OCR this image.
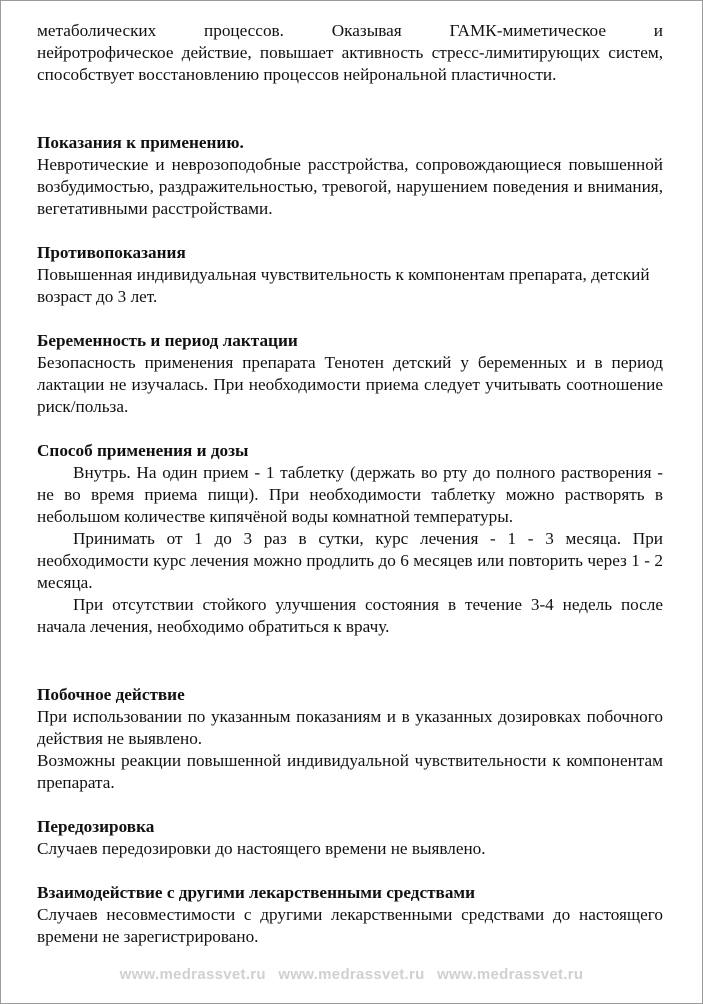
метаболических процессов. Оказывая ГАМК-миметическое и

нейротрофическое действие, повышает активность стресс-лимитирующих систем, способствует восстановлению процессов нейрональной пластичности.

Показания к применению.

Невротические и неврозоподобные расстройства, сопровождающиеся повышенной возбудимостью, раздражительностью, тревогой, нарушением поведения и внимания, вегетативными расстройствами.

Противопоказания

Повышенная индивидуальная чувствительность к компонентам препарата, детский возраст до 3 лет.

Беременность и период лактации

Безопасность применения препарата Тенотен детский у беременных и в период лактации не изучалась. При необходимости приема следует учитывать соотношение риск/польза.

Способ применения и дозы

Внутрь. На один прием - 1 таблетку (держать во рту до полного растворения - не во время приема пищи). При необходимости таблетку можно растворять в небольшом количестве кипячёной воды комнатной температуры.

Принимать от 1 до 3 раз в сутки, курс лечения - 1 - 3 месяца. При необходимости курс лечения можно продлить до 6 месяцев или повторить через 1 - 2 месяца.

При отсутствии стойкого улучшения состояния в течение 3-4 недель после начала лечения, необходимо обратиться к врачу.

Побочное действие

При использовании по указанным показаниям и в указанных дозировках побочного действия не выявлено.

Возможны реакции повышенной индивидуальной чувствительности к компонентам препарата.

Передозировка

Случаев передозировки до настоящего времени не выявлено.

Взаимодействие с другими лекарственными средствами

Случаев несовместимости с другими лекарственными средствами до настоящего времени не зарегистрировано.

www.medrassvet.ru www.medrassvet.ru www.medrassvet.ru
